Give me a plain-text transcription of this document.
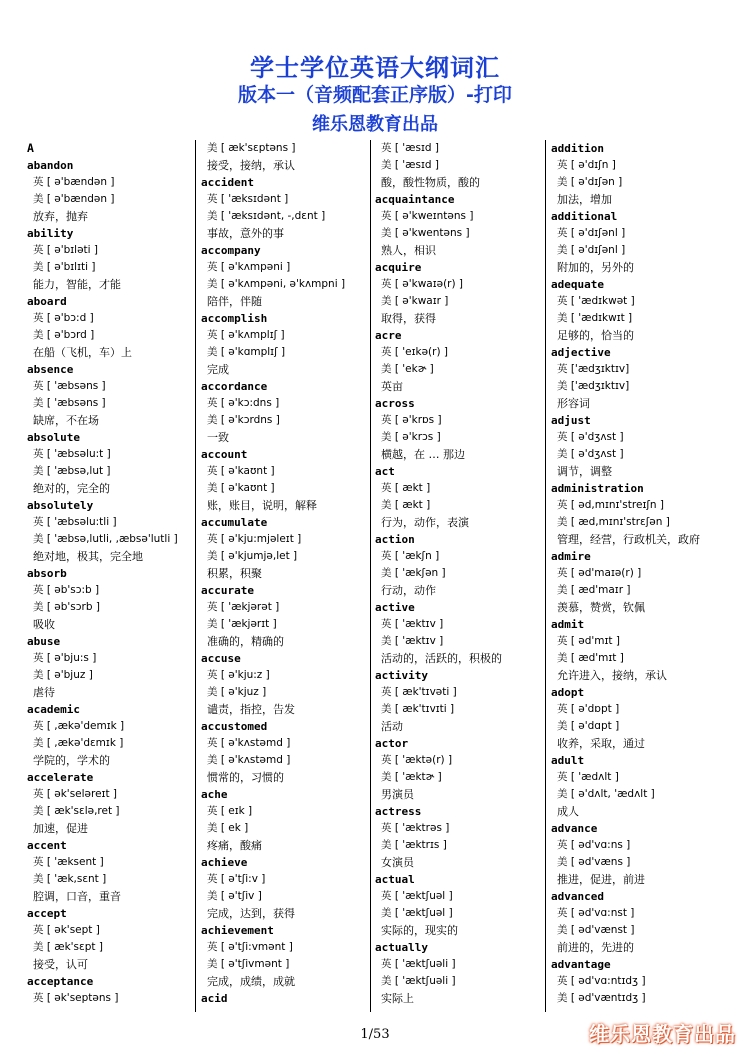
学士学位英语大纲词汇
版本一（音频配套正序版）-打印
维乐恩教育出品
A
abandon
英 [ ə'bændən ]
美 [ ə'bændən ]
放弃，抛弃
ability
英 [ ə'bɪləti ]
美 [ ə'bɪlɪti ]
能力，智能，才能
aboard
英 [ ə'bɔ:d ]
美 [ ə'bɔrd ]
在船（飞机，车）上
absence
英 [ 'æbsəns ]
美 [ 'æbsəns ]
缺席，不在场
absolute
英 [ 'æbsəlu:t ]
美 [ 'æbsə,lut ]
绝对的，完全的
absolutely
英 [ 'æbsəlu:tli ]
美 [ 'æbsə,lutli, ,æbsə'lutli ]
绝对地，极其，完全地
absorb
英 [ əb'sɔ:b ]
美 [ əb'sɔrb ]
吸收
abuse
英 [ ə'bju:s ]
美 [ ə'bjuz ]
虐待
academic
英 [ ,ækə'demɪk ]
美 [ ,ækə'dɛmɪk ]
学院的，学术的
accelerate
英 [ ək'seləreɪt ]
美 [ æk'sɛlə,ret ]
加速，促进
accent
英 [ 'æksent ]
美 [ 'æk,sɛnt ]
腔调，口音，重音
accept
英 [ ək'sept ]
美 [ æk'sɛpt ]
接受，认可
acceptance
英 [ ək'septəns ]
美 [ æk'sɛptəns ]
接受，接纳，承认
accident
英 [ 'æksɪdənt ]
美 [ 'æksɪdənt, -,dɛnt ]
事故，意外的事
accompany
英 [ ə'kʌmpəni ]
美 [ ə'kʌmpəni, ə'kʌmpni ]
陪伴，伴随
accomplish
英 [ ə'kʌmplɪʃ ]
美 [ ə'kɑmplɪʃ ]
完成
accordance
英 [ ə'kɔ:dns ]
美 [ ə'kɔrdns ]
一致
account
英 [ ə'kaʊnt ]
美 [ ə'kaʊnt ]
账，账目，说明，解释
accumulate
英 [ ə'kju:mjəleɪt ]
美 [ ə'kjumjə,let ]
积累，积聚
accurate
英 [ 'ækjərət ]
美 [ 'ækjərɪt ]
准确的，精确的
accuse
英 [ ə'kju:z ]
美 [ ə'kjuz ]
谴责，指控，告发
accustomed
英 [ ə'kʌstəmd ]
美 [ ə'kʌstəmd ]
惯常的，习惯的
ache
英 [ eɪk ]
美 [ ek ]
疼痛，酸痛
achieve
英 [ ə'tʃi:v ]
美 [ ə'tʃiv ]
完成，达到，获得
achievement
英 [ ə'tʃi:vmənt ]
美 [ ə'tʃivmənt ]
完成，成绩，成就
acid
英 [ 'æsɪd ]
美 [ 'æsɪd ]
酸，酸性物质，酸的
acquaintance
英 [ ə'kweɪntəns ]
美 [ ə'kwentəns ]
熟人，相识
acquire
英 [ ə'kwaɪə(r) ]
美 [ ə'kwaɪr ]
取得，获得
acre
英 [ 'eɪkə(r) ]
美 [ 'ekɚ ]
英亩
across
英 [ ə'krɒs ]
美 [ ə'krɔs ]
横越，在 … 那边
act
英 [ ækt ]
美 [ ækt ]
行为，动作，表演
action
英 [ 'ækʃn ]
美 [ 'ækʃən ]
行动，动作
active
英 [ 'æktɪv ]
美 [ 'æktɪv ]
活动的，活跃的，积极的
activity
英 [ æk'tɪvəti ]
美 [ æk'tɪvɪti ]
活动
actor
英 [ 'æktə(r) ]
美 [ 'æktɚ ]
男演员
actress
英 [ 'æktrəs ]
美 [ 'æktrɪs ]
女演员
actual
英 [ 'æktʃuəl ]
美 [ 'æktʃuəl ]
实际的，现实的
actually
英 [ 'æktʃuəli ]
美 [ 'æktʃuəli ]
实际上
addition
英 [ ə'dɪʃn ]
美 [ ə'dɪʃən ]
加法，增加
additional
英 [ ə'dɪʃənl ]
美 [ ə'dɪʃənl ]
附加的，另外的
adequate
英 [ 'ædɪkwət ]
美 [ 'ædɪkwɪt ]
足够的，恰当的
adjective
英 ['ædʒɪktɪv]
美 ['ædʒɪktɪv]
形容词
adjust
英 [ ə'dʒʌst ]
美 [ ə'dʒʌst ]
调节，调整
administration
英 [ əd,mɪnɪ'streɪʃn ]
美 [ æd,mɪnɪ'strɛʃən ]
管理，经营，行政机关，政府
admire
英 [ əd'maɪə(r) ]
美 [ æd'maɪr ]
羡慕，赞赏，钦佩
admit
英 [ əd'mɪt ]
美 [ æd'mɪt ]
允许进入，接纳，承认
adopt
英 [ ə'dɒpt ]
美 [ ə'dɑpt ]
收养，采取，通过
adult
英 [ 'ædʌlt ]
美 [ ə'dʌlt, 'ædʌlt ]
成人
advance
英 [ əd'vɑ:ns ]
美 [ əd'væns ]
推进，促进，前进
advanced
英 [ əd'vɑ:nst ]
美 [ əd'vænst ]
前进的，先进的
advantage
英 [ əd'vɑ:ntɪdʒ ]
美 [ əd'væntɪdʒ ]
1/53	维乐恩教育出品
